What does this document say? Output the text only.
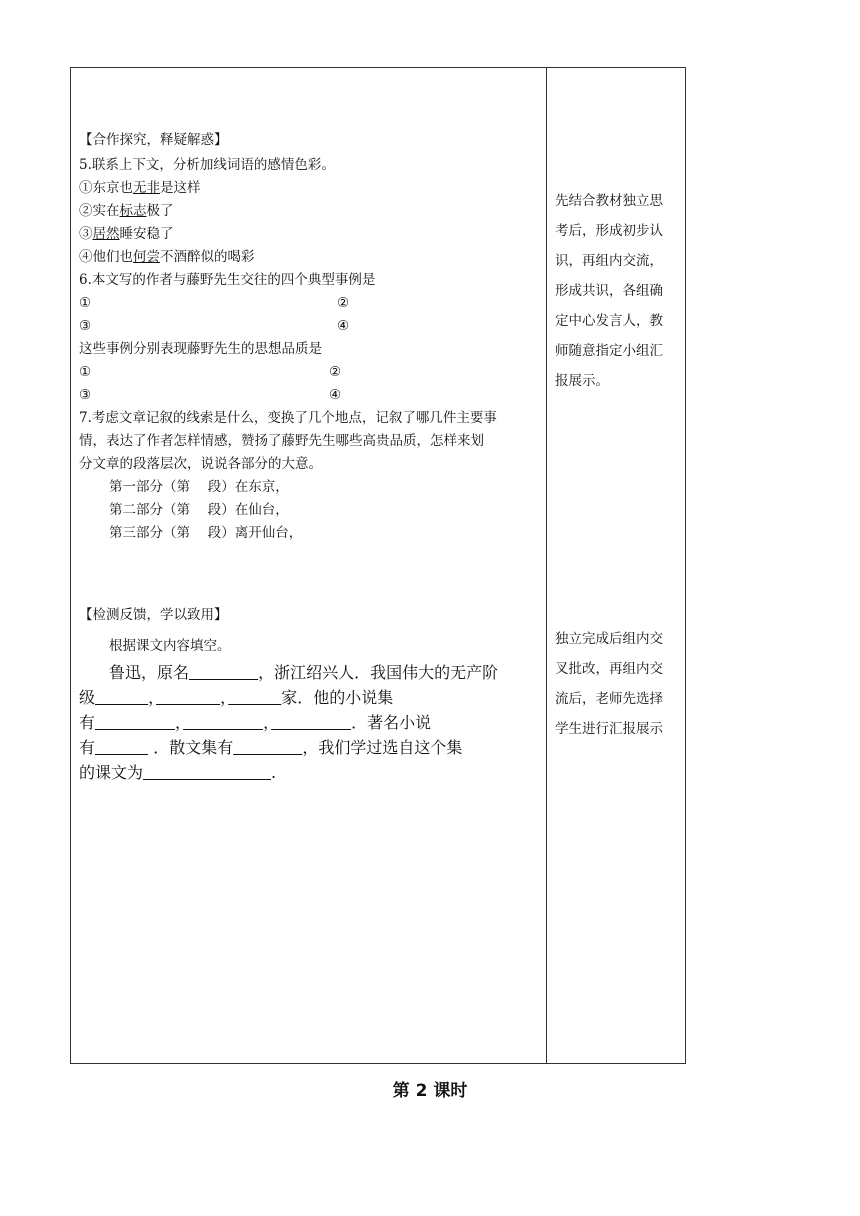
【合作探究，释疑解惑】
5.联系上下文，分析加线词语的感情色彩。
①东京也无非是这样
②实在标志极了
③居然睡安稳了
④他们也何尝不酒醉似的喝彩
6.本文写的作者与藤野先生交往的四个典型事例是
①	②
③	④
这些事例分别表现藤野先生的思想品质是
①	②
③	④
7.考虑文章记叙的线索是什么，变换了几个地点，记叙了哪几件主要事
情，表达了作者怎样情感，赞扬了藤野先生哪些高贵品质，怎样来划
分文章的段落层次，说说各部分的大意。
第一部分（第　 段）在东京，
第二部分（第　 段）在仙台，
第三部分（第　 段）离开仙台，
【检测反馈，学以致用】
根据课文内容填空。
鲁迅，原名　　　　	，浙江绍兴人．我国伟大的无产阶
级　　　	，　　　　	，　　　	家．他的小说集
有　　　　　	，　　　　　	，　　　　　	．著名小说
有　　　	．散文集有　　　　	，我们学过选自这个集
的课文为　　　　　　　　	.
先结合教材独立思
考后，形成初步认
识，再组内交流，
形成共识，各组确
定中心发言人，教
师随意指定小组汇
报展示。
独立完成后组内交
叉批改，再组内交
流后，老师先选择
学生进行汇报展示
第 2 课时
